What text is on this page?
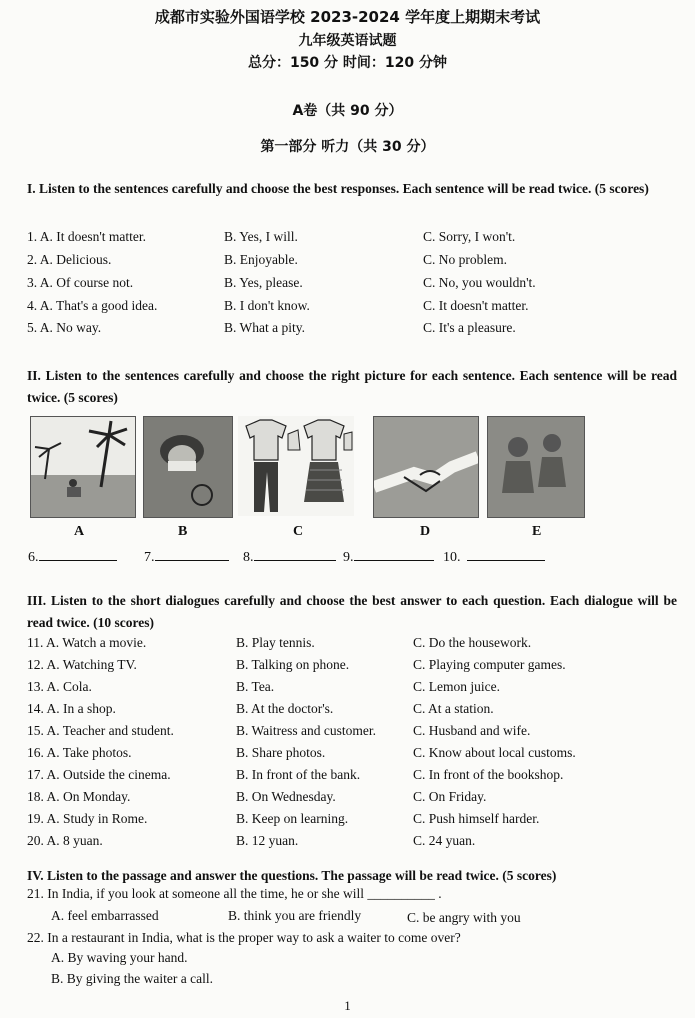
成都市实验外国语学校 2023-2024 学年度上期期末考试
九年级英语试题
总分：150 分 时间：120 分钟
A卷（共 90 分）
第一部分 听力（共 30 分）
I. Listen to the sentences carefully and choose the best responses. Each sentence will be read twice. (5 scores)
1. A. It doesn't matter.	B. Yes, I will.	C. Sorry, I won't.
2. A. Delicious.	B. Enjoyable.	C. No problem.
3. A. Of course not.	B. Yes, please.	C. No, you wouldn't.
4. A. That's a good idea.	B. I don't know.	C. It doesn't matter.
5. A. No way.	B. What a pity.	C. It's a pleasure.
II. Listen to the sentences carefully and choose the right picture for each sentence. Each sentence will be read twice. (5 scores)
A	B	C	D	E
6.	7.	8.	9.	10.
III. Listen to the short dialogues carefully and choose the best answer to each question. Each dialogue will be read twice. (10 scores)
11. A. Watch a movie.	B. Play tennis.	C. Do the housework.
12. A. Watching TV.	B. Talking on phone.	C. Playing computer games.
13. A. Cola.	B. Tea.	C. Lemon juice.
14. A. In a shop.	B. At the doctor's.	C. At a station.
15. A. Teacher and student.	B. Waitress and customer.	C. Husband and wife.
16. A. Take photos.	B. Share photos.	C. Know about local customs.
17. A. Outside the cinema.	B. In front of the bank.	C. In front of the bookshop.
18. A. On Monday.	B. On Wednesday.	C. On Friday.
19. A. Study in Rome.	B. Keep on learning.	C. Push himself harder.
20. A. 8 yuan.	B. 12 yuan.	C. 24 yuan.
IV. Listen to the passage and answer the questions. The passage will be read twice. (5 scores)
21. In India, if you look at someone all the time, he or she will __________ .
A. feel embarrassed	B. think you are friendly	C. be angry with you
22. In a restaurant in India, what is the proper way to ask a waiter to come over?
A. By waving your hand.
B. By giving the waiter a call.
1
